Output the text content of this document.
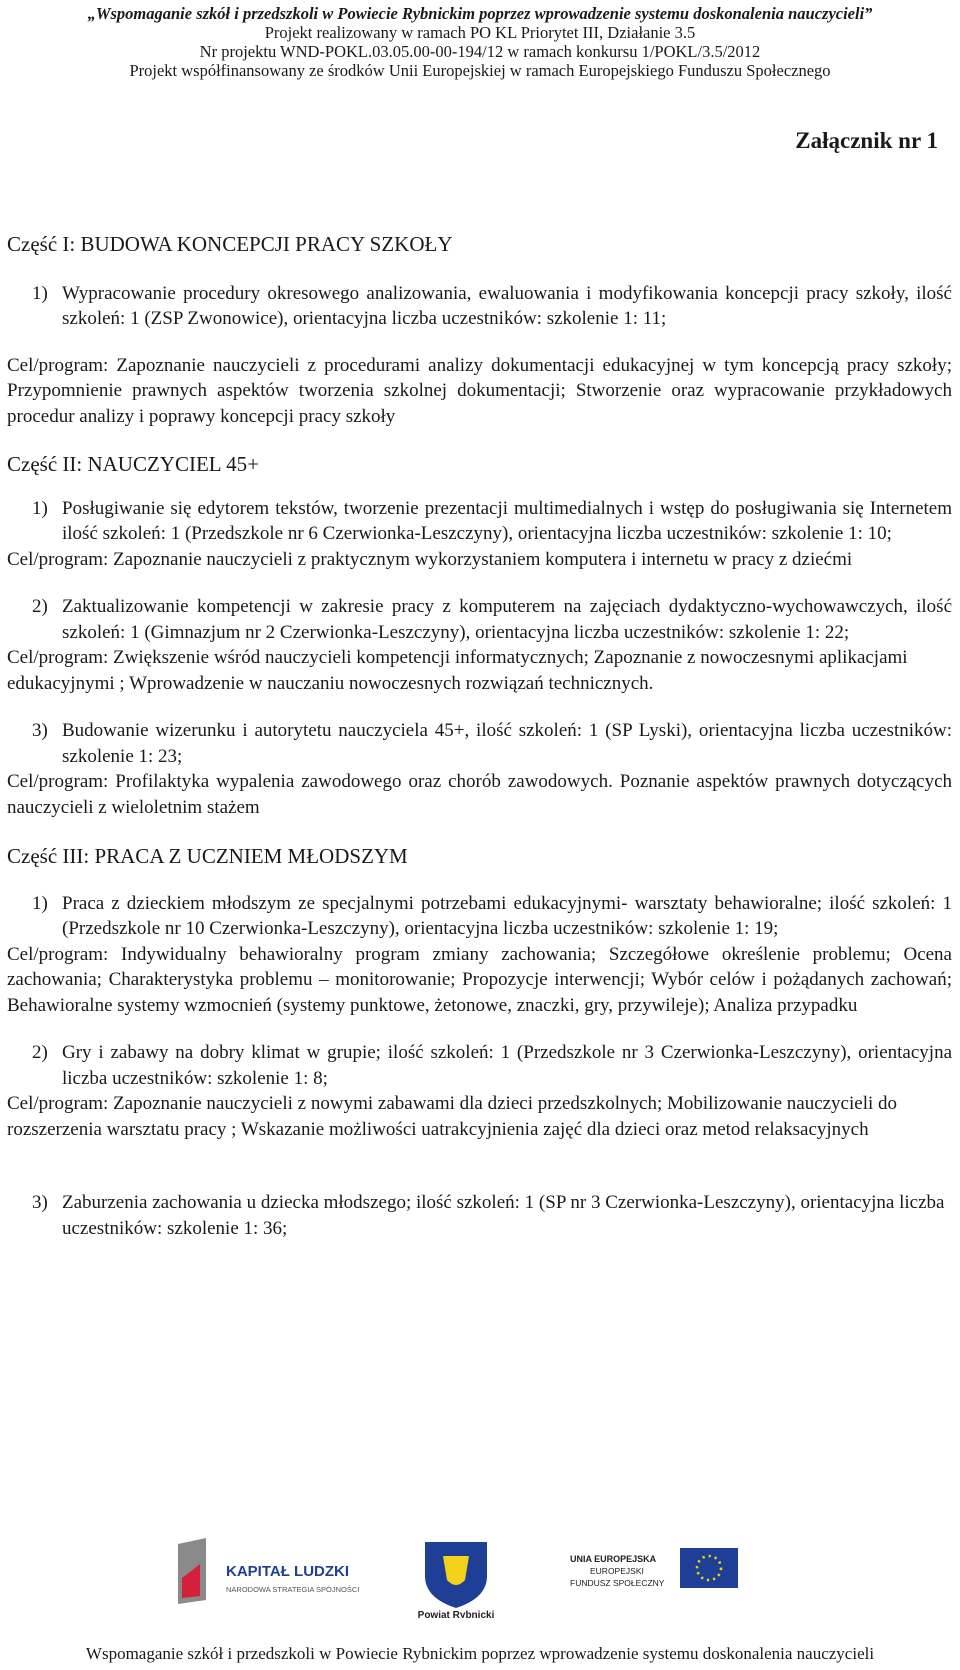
„Wspomaganie szkół i przedszkoli w Powiecie Rybnickim poprzez wprowadzenie systemu doskonalenia nauczycieli”
Projekt realizowany w ramach PO KL Priorytet III, Działanie 3.5
Nr projektu WND-POKL.03.05.00-00-194/12 w ramach konkursu 1/POKL/3.5/2012
Projekt współfinansowany ze środków Unii Europejskiej w ramach Europejskiego Funduszu Społecznego
Załącznik nr 1
Część I: BUDOWA KONCEPCJI PRACY SZKOŁY
1) Wypracowanie procedury okresowego analizowania, ewaluowania i modyfikowania koncepcji pracy szkoły, ilość szkoleń: 1 (ZSP Zwonowice), orientacyjna liczba uczestników: szkolenie 1: 11;
Cel/program: Zapoznanie nauczycieli z procedurami analizy dokumentacji edukacyjnej w tym koncepcją pracy szkoły; Przypomnienie prawnych aspektów tworzenia szkolnej dokumentacji; Stworzenie oraz wypracowanie przykładowych procedur analizy i poprawy koncepcji pracy szkoły
Część II: NAUCZYCIEL 45+
1) Posługiwanie się edytorem tekstów, tworzenie prezentacji multimedialnych i wstęp do posługiwania się Internetem ilość szkoleń: 1 (Przedszkole nr 6 Czerwionka-Leszczyny), orientacyjna liczba uczestników: szkolenie 1: 10;
Cel/program: Zapoznanie nauczycieli z praktycznym wykorzystaniem komputera i internetu w pracy z dziećmi
2) Zaktualizowanie kompetencji w zakresie pracy z komputerem na zajęciach dydaktyczno-wychowawczych, ilość szkoleń: 1 (Gimnazjum nr 2 Czerwionka-Leszczyny), orientacyjna liczba uczestników: szkolenie 1: 22;
Cel/program: Zwiększenie wśród nauczycieli kompetencji informatycznych; Zapoznanie z nowoczesnymi aplikacjami edukacyjnymi ; Wprowadzenie w nauczaniu nowoczesnych rozwiązań technicznych.
3) Budowanie wizerunku i autorytetu nauczyciela 45+, ilość szkoleń: 1 (SP Lyski), orientacyjna liczba uczestników: szkolenie 1: 23;
Cel/program: Profilaktyka wypalenia zawodowego oraz chorób zawodowych. Poznanie aspektów prawnych dotyczących nauczycieli z wieloletnim stażem
Część III: PRACA Z UCZNIEM MŁODSZYM
1) Praca z dzieckiem młodszym ze specjalnymi potrzebami edukacyjnymi- warsztaty behawioralne; ilość szkoleń: 1 (Przedszkole nr 10 Czerwionka-Leszczyny), orientacyjna liczba uczestników: szkolenie 1: 19;
Cel/program: Indywidualny behawioralny program zmiany zachowania; Szczegółowe określenie problemu; Ocena zachowania; Charakterystyka problemu – monitorowanie; Propozycje interwencji; Wybór celów i pożądanych zachowań; Behawioralne systemy wzmocnień (systemy punktowe, żetonowe, znaczki, gry, przywileje); Analiza przypadku
2) Gry i zabawy na dobry klimat w grupie; ilość szkoleń: 1 (Przedszkole nr 3 Czerwionka-Leszczyny), orientacyjna liczba uczestników: szkolenie 1: 8;
Cel/program: Zapoznanie nauczycieli z nowymi zabawami dla dzieci przedszkolnych; Mobilizowanie nauczycieli do rozszerzenia warsztatu pracy ; Wskazanie możliwości uatrakcyjnienia zajęć dla dzieci oraz metod relaksacyjnych
3) Zaburzenia zachowania u dziecka młodszego; ilość szkoleń: 1 (SP nr 3 Czerwionka-Leszczyny), orientacyjna liczba uczestników: szkolenie 1: 36;
KAPITAŁ LUDZKI
NARODOWA STRATEGIA SPÓJNOŚCI
Powiat Rybnicki
UNIA EUROPEJSKA
EUROPEJSKI
FUNDUSZ SPOŁECZNY
Wspomaganie szkół i przedszkoli w Powiecie Rybnickim poprzez wprowadzenie systemu doskonalenia nauczycieli
